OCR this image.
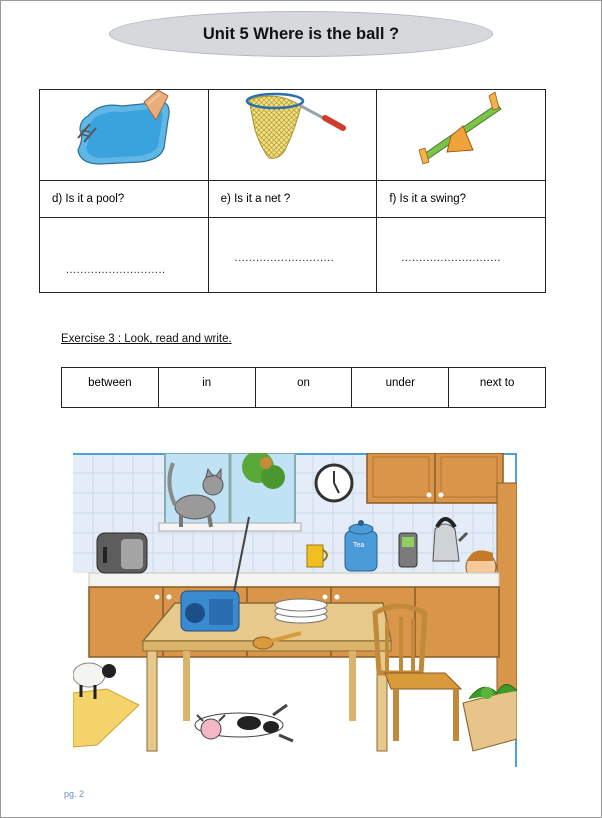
Unit 5 Where is the ball ?

d) Is it a pool?	e) Is it a net ?	f) Is it a swing?

............................	............................	............................
Exercise 3 : Look, read and write.
between	in	on	under	next to
Tea
pg. 2
